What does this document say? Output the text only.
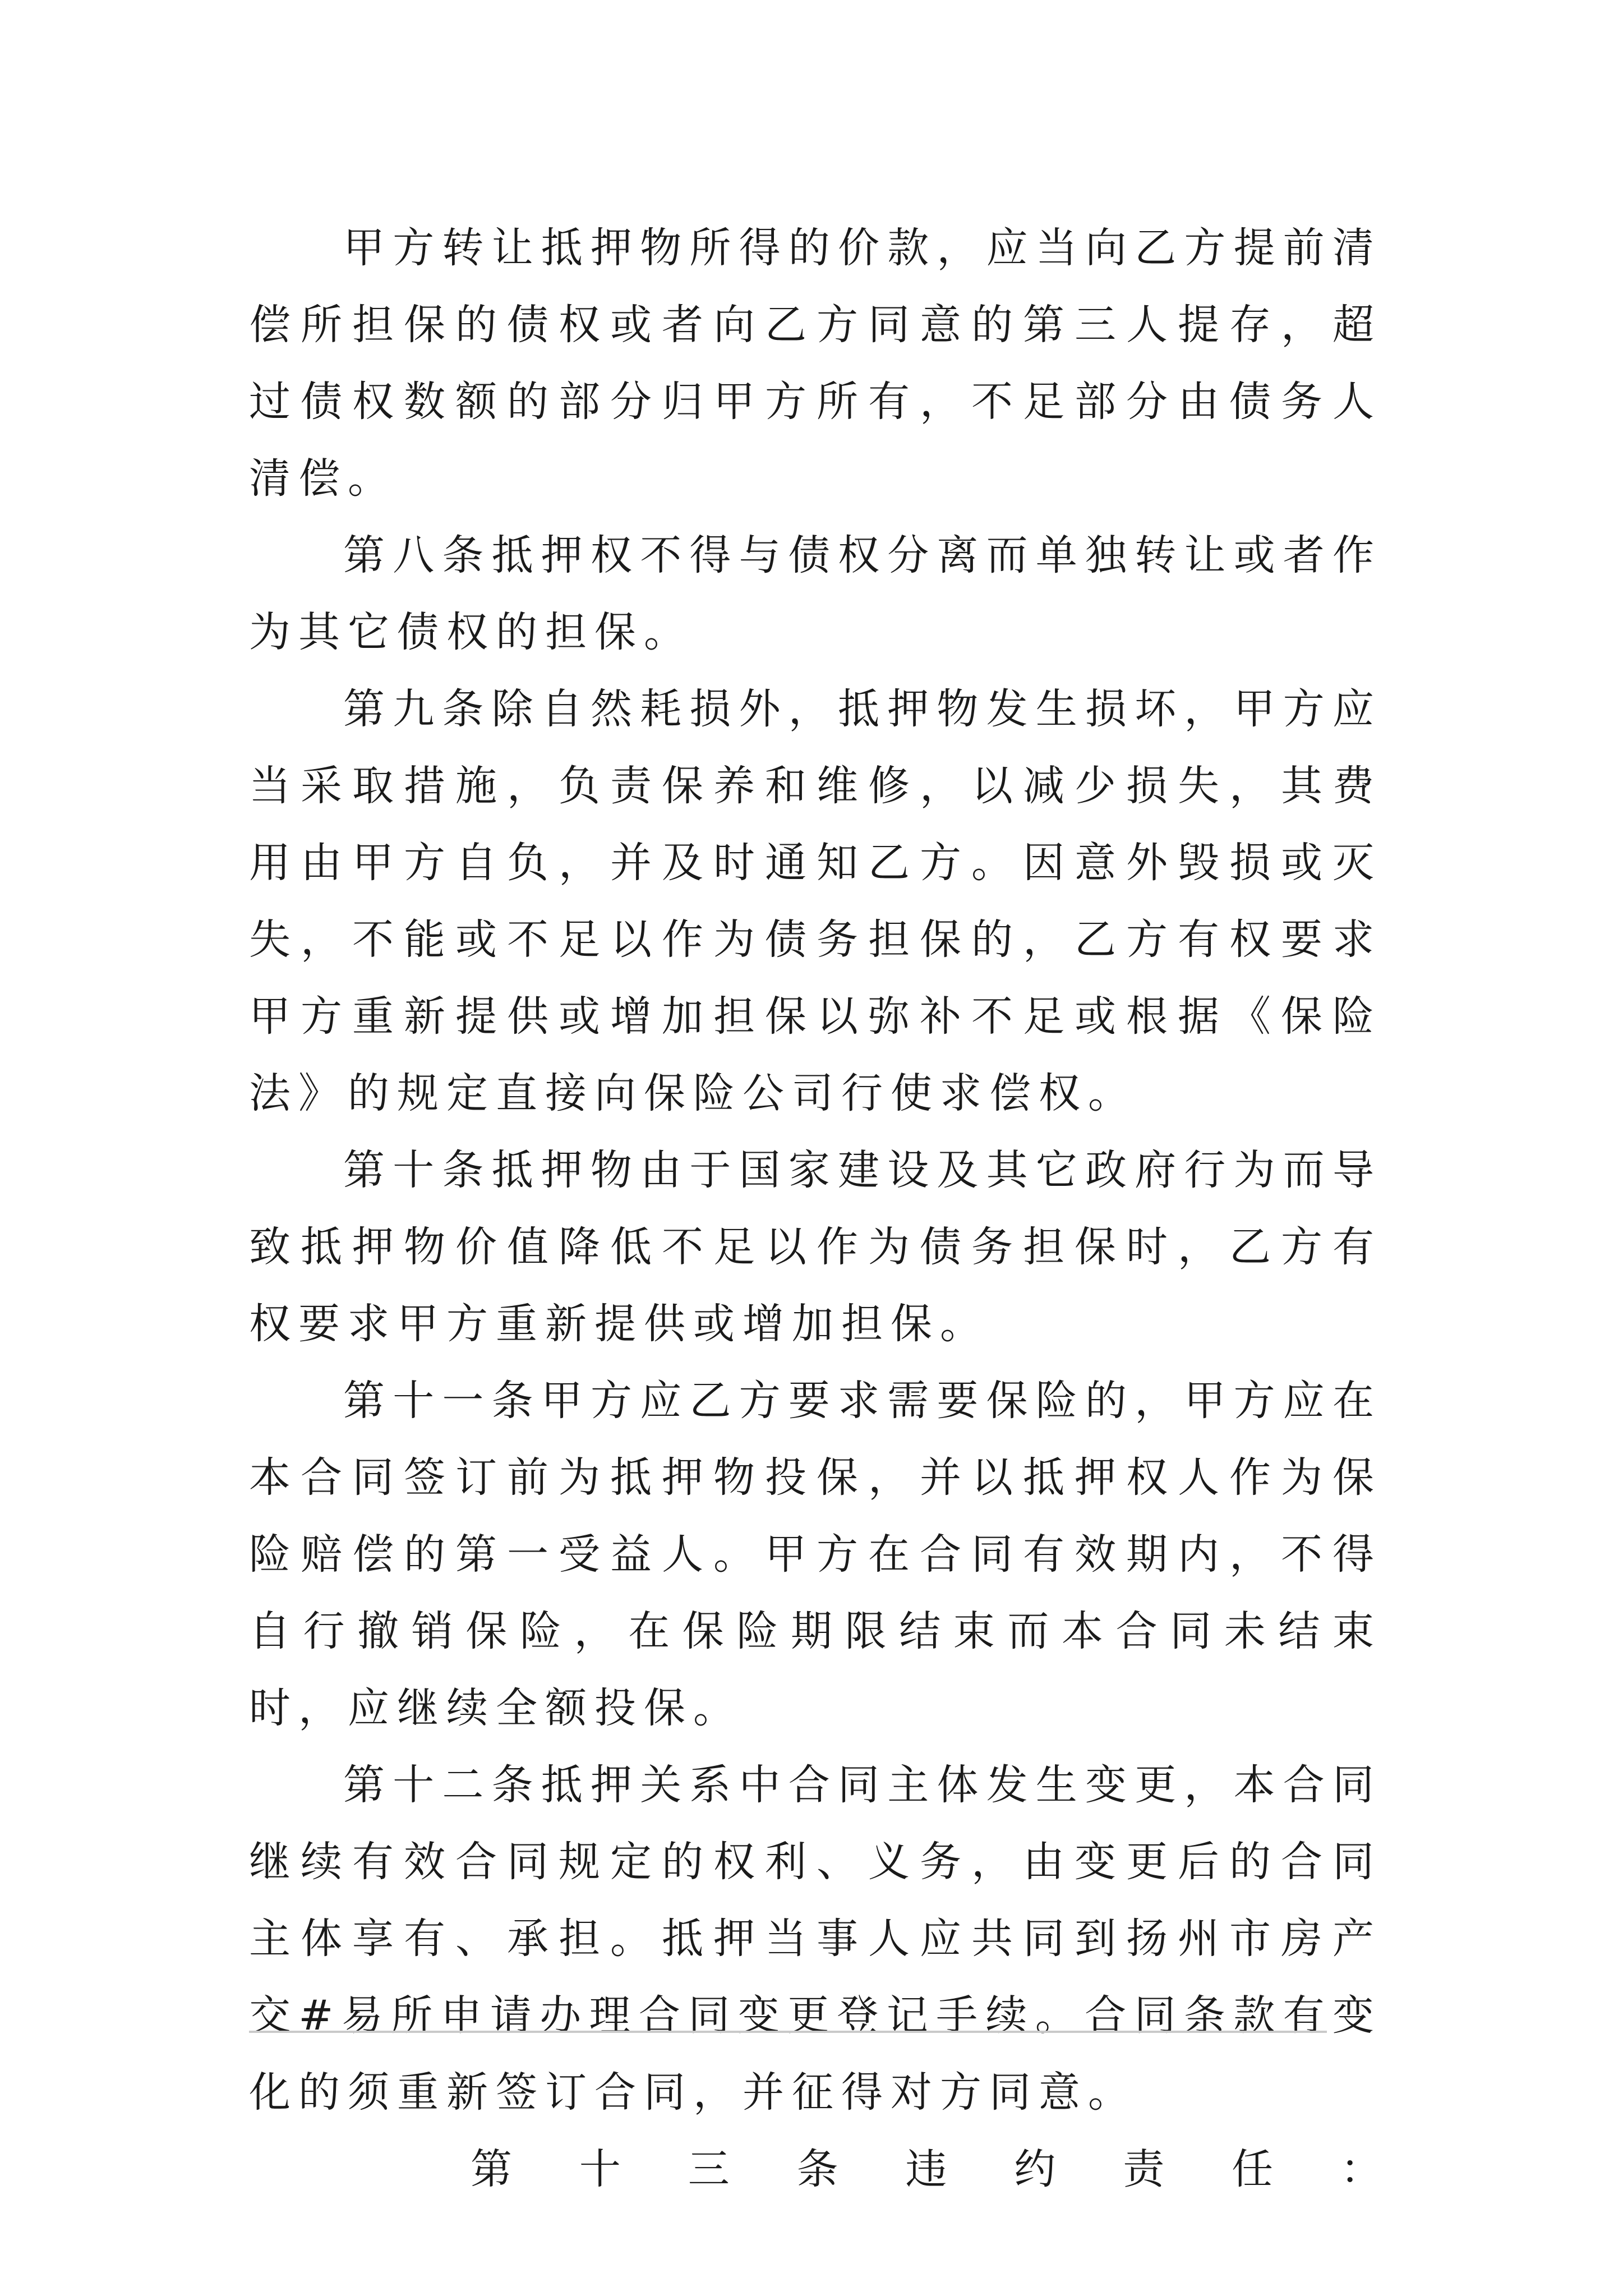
甲方转让抵押物所得的价款，应当向乙方提前清偿所担保的债权或者向乙方同意的第三人提存，超过债权数额的部分归甲方所有，不足部分由债务人清偿。

第八条抵押权不得与债权分离而单独转让或者作为其它债权的担保。

第九条除自然耗损外，抵押物发生损坏，甲方应当采取措施，负责保养和维修，以减少损失，其费用由甲方自负，并及时通知乙方。因意外毁损或灭失，不能或不足以作为债务担保的，乙方有权要求甲方重新提供或增加担保以弥补不足或根据《保险法》的规定直接向保险公司行使求偿权。

第十条抵押物由于国家建设及其它政府行为而导致抵押物价值降低不足以作为债务担保时，乙方有权要求甲方重新提供或增加担保。

第十一条甲方应乙方要求需要保险的，甲方应在本合同签订前为抵押物投保，并以抵押权人作为保险赔偿的第一受益人。甲方在合同有效期内，不得自行撤销保险，在保险期限结束而本合同未结束时，应继续全额投保。

第十二条抵押关系中合同主体发生变更，本合同继续有效合同规定的权利、义务，由变更后的合同主体享有、承担。抵押当事人应共同到扬州市房产交#易所申请办理合同变更登记手续。合同条款有变化的须重新签订合同，并征得对方同意。

第 十 三 条 违 约 责 任 ：
